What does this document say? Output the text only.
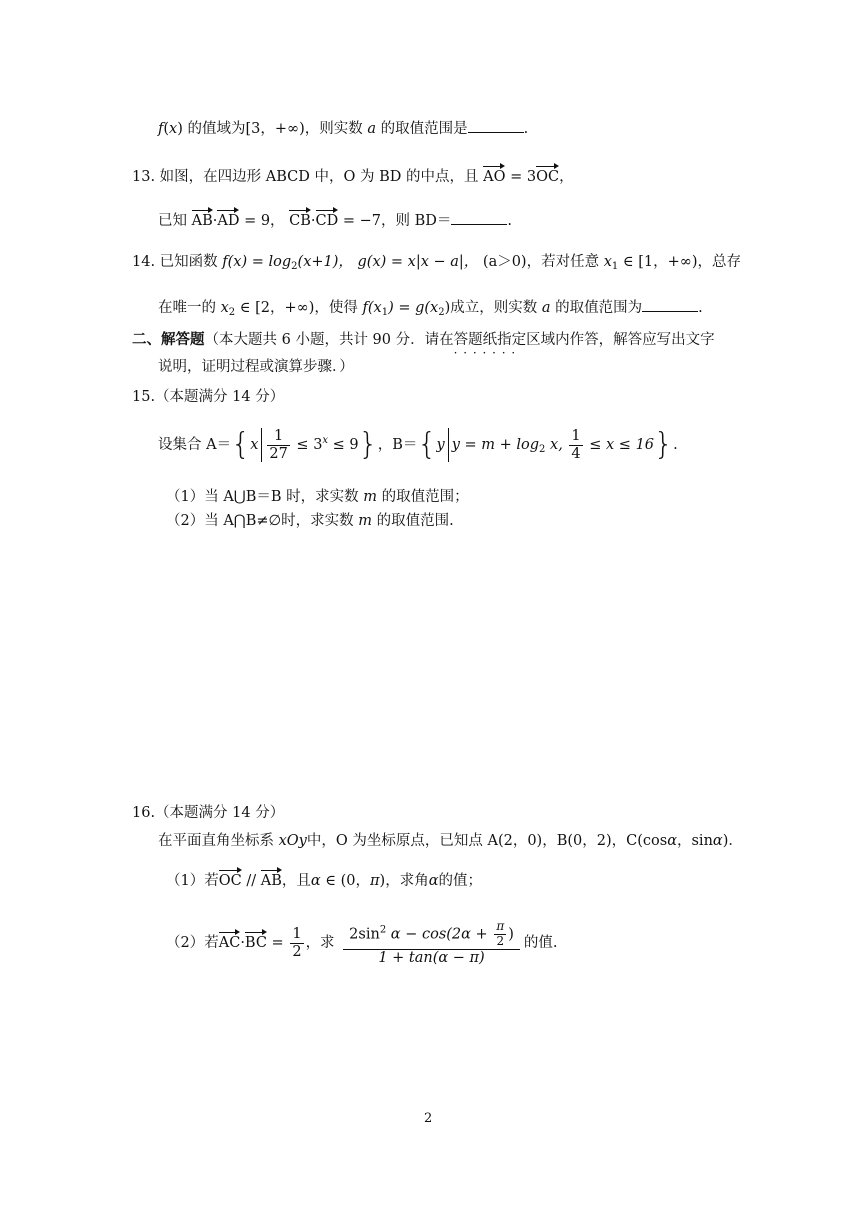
f(x) 的值域为[3，+∞)，则实数 a 的取值范围是	.
13. 如图，在四边形 ABCD 中，O 为 BD 的中点，且 AO = 3OC，
已知 AB·AD = 9， CB·CD = −7，则 BD＝	.
14. 已知函数 $f(x) = \log_2(x+1)$， g(x) = x|x − a|， (a＞0)，若对任意 $x_1$ ∈ [1，+∞)，总存
在唯一的 $x_2$ ∈ [2，+∞)，使得 $f(x_1) = g(x_2)$成立，则实数 a 的取值范围为	.
二、解答题（本大题共 6 小题，共计 90 分．请在答题纸指定区域 · · ·内作答，解答应写出文字
说明，证明过程或演算步骤．）
15.（本题满分 14 分）
设集合 $A=\{x \frac{1}{27} \le 3^x \le 9\}$，B＝{y $y = m + \log_2 x$, $\frac{1}{4} \le x \le 16$}.
（1）当 A⋃B＝B 时，求实数 m 的取值范围；
（2）当 A⋂B≠∅时，求实数 m 的取值范围.
16.（本题满分 14 分）
在平面直角坐标系 xOy中，O 为坐标原点，已知点 A(2，0)，B(0，2)，C(cosα，sinα)．
（1）若OC // AB，且α ∈ (0，π)，求角α的值；
（2）若$AC\cdot BC = \frac{1}{2}$ ，求 $\frac{2\sin^2 \alpha - \cos(2\alpha + \frac{\pi}{2} )}{1 + \tan(\alpha - \pi)}$ 的值.
2
